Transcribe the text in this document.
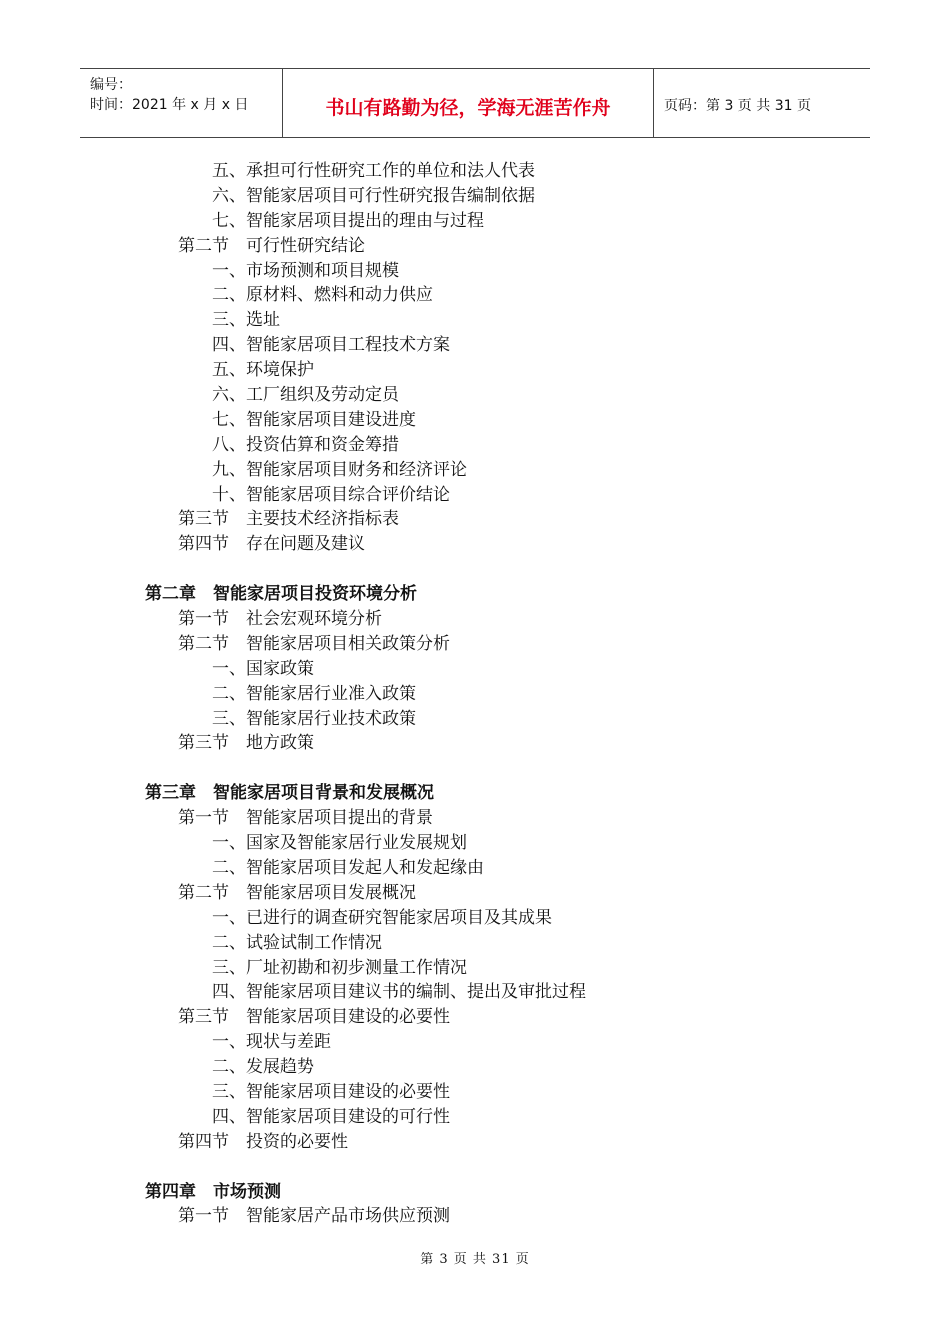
编号：
时间：2021 年 x 月 x 日	书山有路勤为径，学海无涯苦作舟	页码：第 3 页 共 31 页
五、承担可行性研究工作的单位和法人代表
六、智能家居项目可行性研究报告编制依据
七、智能家居项目提出的理由与过程
第二节　可行性研究结论
一、市场预测和项目规模
二、原材料、燃料和动力供应
三、选址
四、智能家居项目工程技术方案
五、环境保护
六、工厂组织及劳动定员
七、智能家居项目建设进度
八、投资估算和资金筹措
九、智能家居项目财务和经济评论
十、智能家居项目综合评价结论
第三节　主要技术经济指标表
第四节　存在问题及建议
第二章　智能家居项目投资环境分析
第一节　社会宏观环境分析
第二节　智能家居项目相关政策分析
一、国家政策
二、智能家居行业准入政策
三、智能家居行业技术政策
第三节　地方政策
第三章　智能家居项目背景和发展概况
第一节　智能家居项目提出的背景
一、国家及智能家居行业发展规划
二、智能家居项目发起人和发起缘由
第二节　智能家居项目发展概况
一、已进行的调查研究智能家居项目及其成果
二、试验试制工作情况
三、厂址初勘和初步测量工作情况
四、智能家居项目建议书的编制、提出及审批过程
第三节　智能家居项目建设的必要性
一、现状与差距
二、发展趋势
三、智能家居项目建设的必要性
四、智能家居项目建设的可行性
第四节　投资的必要性
第四章　市场预测
第一节　智能家居产品市场供应预测
第 3 页 共 31 页
